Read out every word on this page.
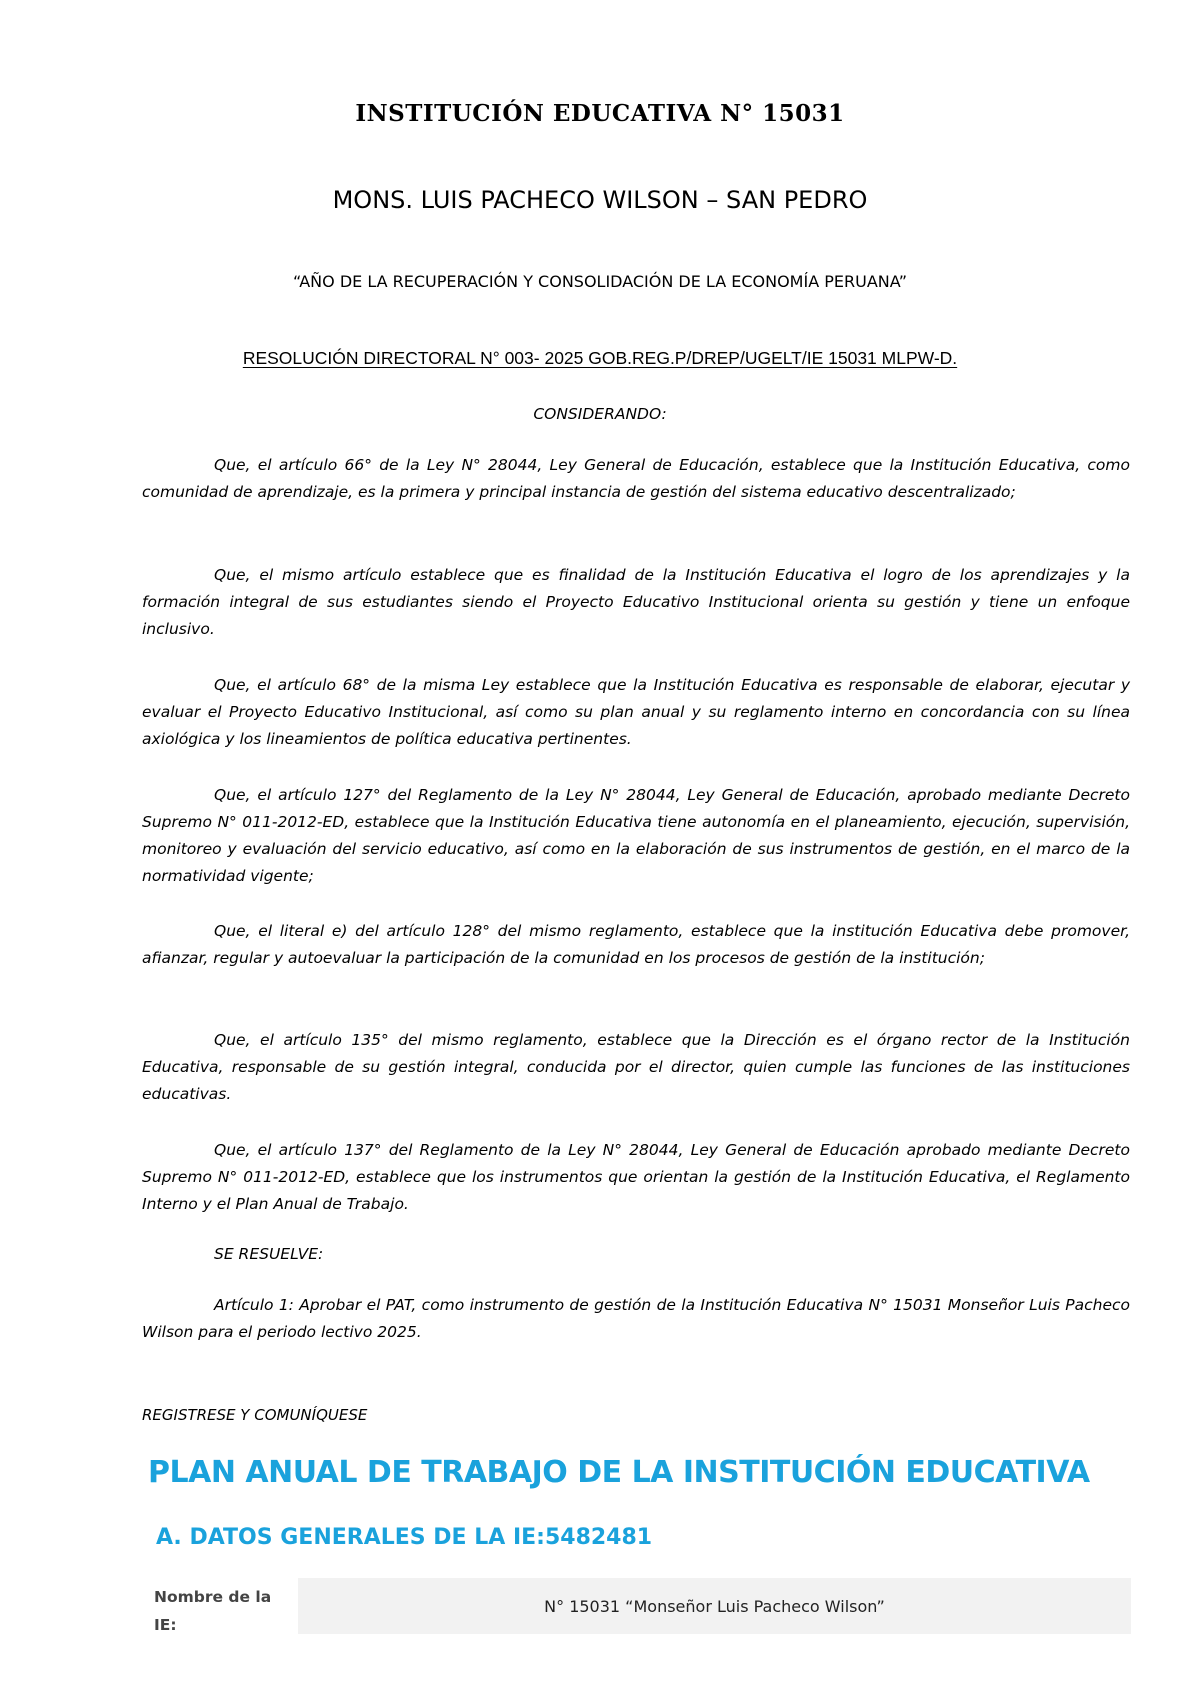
INSTITUCIÓN EDUCATIVA N° 15031
MONS. LUIS PACHECO WILSON – SAN PEDRO
“AÑO DE LA RECUPERACIÓN Y CONSOLIDACIÓN DE LA ECONOMÍA PERUANA”
RESOLUCIÓN DIRECTORAL N° 003- 2025 GOB.REG.P/DREP/UGELT/IE 15031 MLPW-D.
CONSIDERANDO:

Que, el artículo 66° de la Ley N° 28044, Ley General de Educación, establece que la Institución Educativa, como comunidad de aprendizaje, es la primera y principal instancia de gestión del sistema educativo descentralizado;

Que, el mismo artículo establece que es finalidad de la Institución Educativa el logro de los aprendizajes y la formación integral de sus estudiantes siendo el Proyecto Educativo Institucional orienta su gestión y tiene un enfoque inclusivo.

Que, el artículo 68° de la misma Ley establece que la Institución Educativa es responsable de elaborar, ejecutar y evaluar el Proyecto Educativo Institucional, así como su plan anual y su reglamento interno en concordancia con su línea axiológica y los lineamientos de política educativa pertinentes.

Que, el artículo 127° del Reglamento de la Ley N° 28044, Ley General de Educación, aprobado mediante Decreto Supremo N° 011-2012-ED, establece que la Institución Educativa tiene autonomía en el planeamiento, ejecución, supervisión, monitoreo y evaluación del servicio educativo, así como en la elaboración de sus instrumentos de gestión, en el marco de la normatividad vigente;

Que, el literal e) del artículo 128° del mismo reglamento, establece que la institución Educativa debe promover, afianzar, regular y autoevaluar la participación de la comunidad en los procesos de gestión de la institución;

Que, el artículo 135° del mismo reglamento, establece que la Dirección es el órgano rector de la Institución Educativa, responsable de su gestión integral, conducida por el director, quien cumple las funciones de las instituciones educativas.

Que, el artículo 137° del Reglamento de la Ley N° 28044, Ley General de Educación aprobado mediante Decreto Supremo N° 011-2012-ED, establece que los instrumentos que orientan la gestión de la Institución Educativa, el Reglamento Interno y el Plan Anual de Trabajo.

SE RESUELVE:

Artículo 1: Aprobar el PAT, como instrumento de gestión de la Institución Educativa N° 15031 Monseñor Luis Pacheco Wilson para el periodo lectivo 2025.

REGISTRESE Y COMUNÍQUESE

PLAN ANUAL DE TRABAJO DE LA INSTITUCIÓN EDUCATIVA
A. DATOS GENERALES DE LA IE:5482481
Nombre de la IE:
N° 15031 “Monseñor Luis Pacheco Wilson”
